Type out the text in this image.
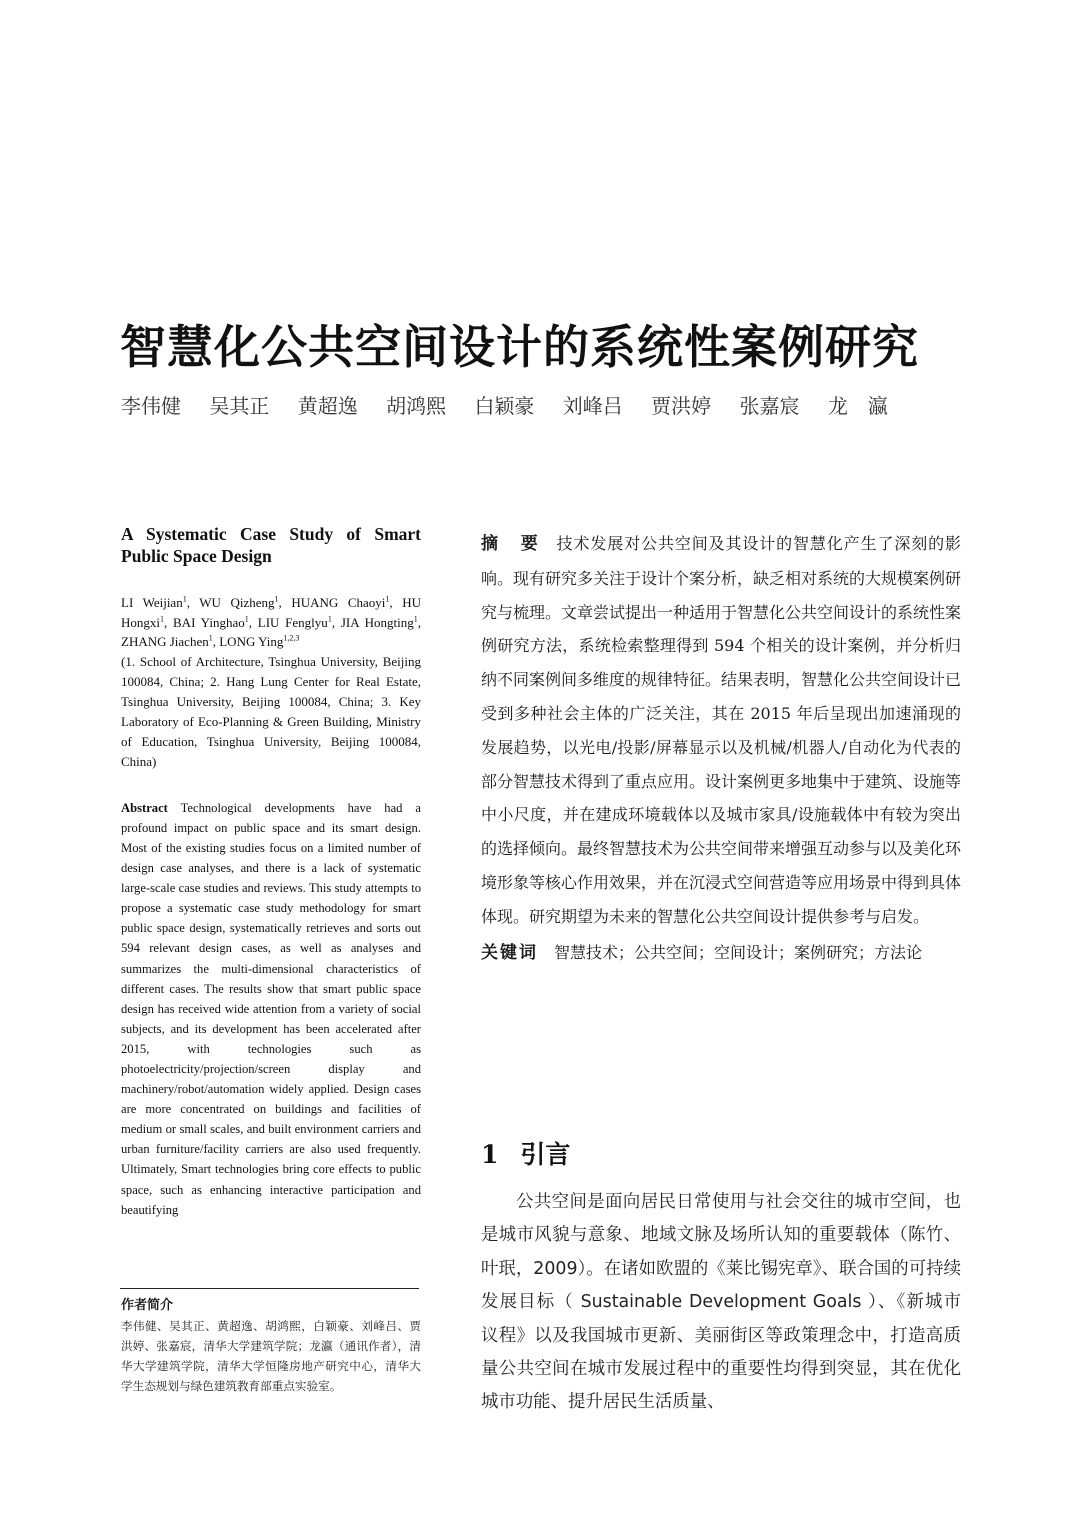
智慧化公共空间设计的系统性案例研究
李伟健 吴其正 黄超逸 胡鸿熙 白颖豪 刘峰吕 贾洪婷 张嘉宸 龙　瀛

A Systematic Case Study of Smart Public Space Design

LI Weijian$^1$, WU Qizheng$^1$, HUANG Chaoyi$^1$, HU Hongxi$^1$, BAI Yinghao$^1$, LIU Fenglyu$^1$, JIA Hongting$^1$, ZHANG Jiachen$^1$, LONG Ying$^{1,2,3}$
(1. School of Architecture, Tsinghua University, Beijing 100084, China; 2. Hang Lung Center for Real Estate, Tsinghua University, Beijing 100084, China; 3. Key Laboratory of Eco-Planning & Green Building, Ministry of Education, Tsinghua University, Beijing 100084, China)
Abstract Technological developments have had a profound impact on public space and its smart design. Most of the existing studies focus on a limited number of design case analyses, and there is a lack of systematic large-scale case studies and reviews. This study attempts to propose a systematic case study methodology for smart public space design, systematically retrieves and sorts out 594 relevant design cases, as well as analyses and summarizes the multi-dimensional characteristics of different cases. The results show that smart public space design has received wide attention from a variety of social subjects, and its development has been accelerated after 2015, with technologies such as photoelectricity/projection/screen display and machinery/robot/automation widely applied. Design cases are more concentrated on buildings and facilities of medium or small scales, and built environment carriers and urban furniture/facility carriers are also used frequently. Ultimately, Smart technologies bring core effects to public space, such as enhancing interactive participation and beautifying
作者简介
李伟健、吴其正、黄超逸、胡鸿熙，白颖豪、刘峰吕、贾洪婷、张嘉宸，清华大学建筑学院；龙瀛（通讯作者），清华大学建筑学院，清华大学恒隆房地产研究中心，清华大学生态规划与绿色建筑教育部重点实验室。

摘　要 技术发展对公共空间及其设计的智慧化产生了深刻的影响。现有研究多关注于设计个案分析，缺乏相对系统的大规模案例研究与梳理。文章尝试提出一种适用于智慧化公共空间设计的系统性案例研究方法，系统检索整理得到 594 个相关的设计案例，并分析归纳不同案例间多维度的规律特征。结果表明，智慧化公共空间设计已受到多种社会主体的广泛关注，其在 2015 年后呈现出加速涌现的发展趋势，以光电/投影/屏幕显示以及机械/机器人/自动化为代表的部分智慧技术得到了重点应用。设计案例更多地集中于建筑、设施等中小尺度，并在建成环境载体以及城市家具/设施载体中有较为突出的选择倾向。最终智慧技术为公共空间带来增强互动参与以及美化环境形象等核心作用效果，并在沉浸式空间营造等应用场景中得到具体体现。研究期望为未来的智慧化公共空间设计提供参考与启发。

关键词 智慧技术；公共空间；空间设计；案例研究；方法论
1 引言

公共空间是面向居民日常使用与社会交往的城市空间，也是城市风貌与意象、地域文脉及场所认知的重要载体（陈竹、叶珉，2009）。在诸如欧盟的《莱比锡宪章》、联合国的可持续发展目标（ Sustainable Development Goals ）、《新城市议程》以及我国城市更新、美丽街区等政策理念中，打造高质量公共空间在城市发展过程中的重要性均得到突显，其在优化城市功能、提升居民生活质量、
